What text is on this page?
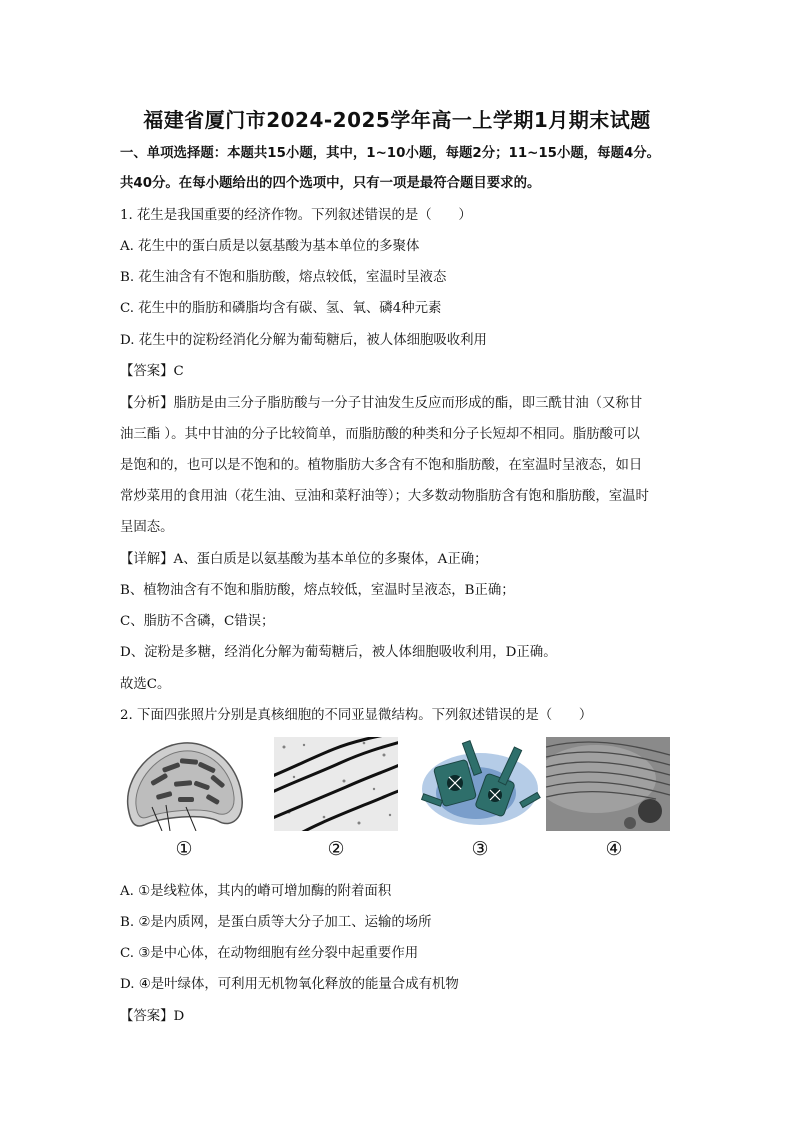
福建省厦门市2024-2025学年高一上学期1月期末试题
一、单项选择题：本题共15小题，其中，1~10小题，每题2分；11~15小题，每题4分。
共40分。在每小题给出的四个选项中，只有一项是最符合题目要求的。
1. 花生是我国重要的经济作物。下列叙述错误的是（　　）
A. 花生中的蛋白质是以氨基酸为基本单位的多聚体
B. 花生油含有不饱和脂肪酸，熔点较低，室温时呈液态
C. 花生中的脂肪和磷脂均含有碳、氢、氧、磷4种元素
D. 花生中的淀粉经消化分解为葡萄糖后，被人体细胞吸收利用
【答案】C
【分析】脂肪是由三分子脂肪酸与一分子甘油发生反应而形成的酯，即三酰甘油（又称甘
油三酯 ）。其中甘油的分子比较简单，而脂肪酸的种类和分子长短却不相同。脂肪酸可以
是饱和的，也可以是不饱和的。植物脂肪大多含有不饱和脂肪酸，在室温时呈液态，如日
常炒菜用的食用油（花生油、豆油和菜籽油等）；大多数动物脂肪含有饱和脂肪酸，室温时
呈固态。
【详解】A、蛋白质是以氨基酸为基本单位的多聚体，A正确；
B、植物油含有不饱和脂肪酸，熔点较低，室温时呈液态，B正确；
C、脂肪不含磷，C错误；
D、淀粉是多糖，经消化分解为葡萄糖后，被人体细胞吸收利用，D正确。
故选C。
2. 下面四张照片分别是真核细胞的不同亚显微结构。下列叙述错误的是（　　）
①	②	③	④
A. ①是线粒体，其内的嵴可增加酶的附着面积
B. ②是内质网，是蛋白质等大分子加工、运输的场所
C. ③是中心体，在动物细胞有丝分裂中起重要作用
D. ④是叶绿体，可利用无机物氧化释放的能量合成有机物
【答案】D
